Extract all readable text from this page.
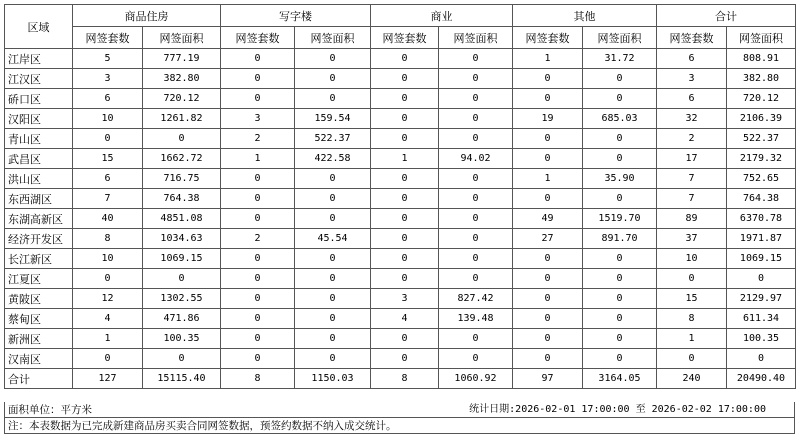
区域	商品住房		写字楼		商业		其他		合计	
	网签套数	网签面积	网签套数	网签面积	网签套数	网签面积	网签套数	网签面积	网签套数	网签面积
江岸区	5	777.19	0	0	0	0	1	31.72	6	808.91
江汉区	3	382.80	0	0	0	0	0	0	3	382.80
硚口区	6	720.12	0	0	0	0	0	0	6	720.12
汉阳区	10	1261.82	3	159.54	0	0	19	685.03	32	2106.39
青山区	0	0	2	522.37	0	0	0	0	2	522.37
武昌区	15	1662.72	1	422.58	1	94.02	0	0	17	2179.32
洪山区	6	716.75	0	0	0	0	1	35.90	7	752.65
东西湖区	7	764.38	0	0	0	0	0	0	7	764.38
东湖高新区	40	4851.08	0	0	0	0	49	1519.70	89	6370.78
经济开发区	8	1034.63	2	45.54	0	0	27	891.70	37	1971.87
长江新区	10	1069.15	0	0	0	0	0	0	10	1069.15
江夏区	0	0	0	0	0	0	0	0	0	0
黄陂区	12	1302.55	0	0	3	827.42	0	0	15	2129.97
蔡甸区	4	471.86	0	0	4	139.48	0	0	8	611.34
新洲区	1	100.35	0	0	0	0	0	0	1	100.35
汉南区	0	0	0	0	0	0	0	0	0	0
合计	127	15115.40	8	1150.03	8	1060.92	97	3164.05	240	20490.40
面积单位：平方米	统计日期:2026-02-01 17:00:00 至 2026-02-02 17:00:00
注：本表数据为已完成新建商品房买卖合同网签数据，预签约数据不纳入成交统计。
